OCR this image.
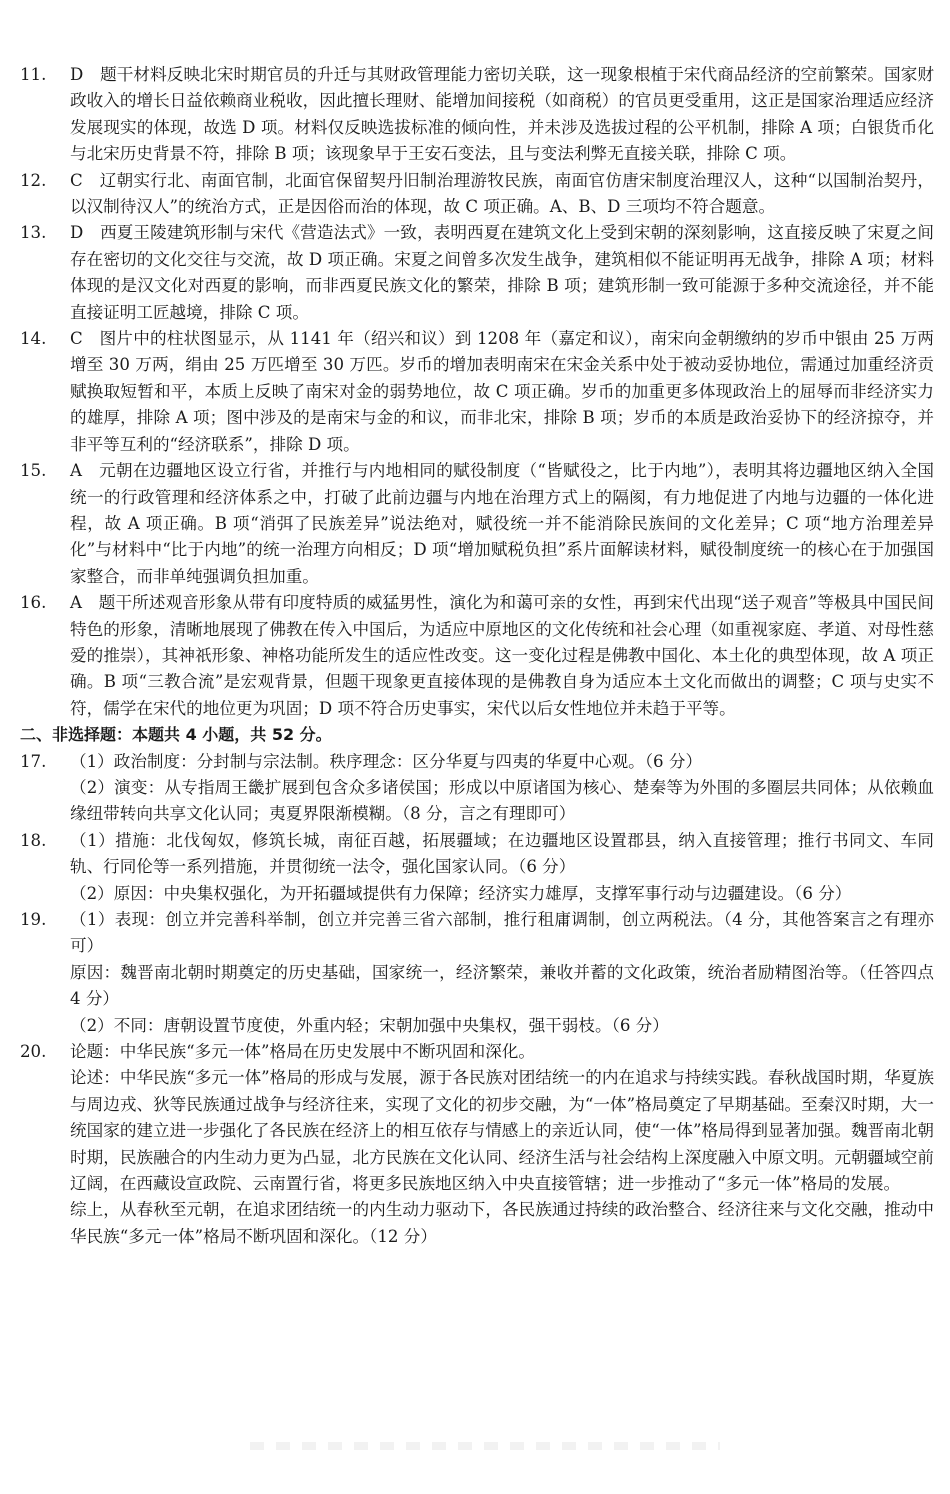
11. D　题干材料反映北宋时期官员的升迁与其财政管理能力密切关联，这一现象根植于宋代商品经济的空前繁荣。国家财政收入的增长日益依赖商业税收，因此擅长理财、能增加间接税（如商税）的官员更受重用，这正是国家治理适应经济发展现实的体现，故选 D 项。材料仅反映选拔标准的倾向性，并未涉及选拔过程的公平机制，排除 A 项；白银货币化与北宋历史背景不符，排除 B 项；该现象早于王安石变法，且与变法利弊无直接关联，排除 C 项。

12. C　辽朝实行北、南面官制，北面官保留契丹旧制治理游牧民族，南面官仿唐宋制度治理汉人，这种“以国制治契丹，以汉制待汉人”的统治方式，正是因俗而治的体现，故 C 项正确。A、B、D 三项均不符合题意。

13. D　西夏王陵建筑形制与宋代《营造法式》一致，表明西夏在建筑文化上受到宋朝的深刻影响，这直接反映了宋夏之间存在密切的文化交往与交流，故 D 项正确。宋夏之间曾多次发生战争，建筑相似不能证明再无战争，排除 A 项；材料体现的是汉文化对西夏的影响，而非西夏民族文化的繁荣，排除 B 项；建筑形制一致可能源于多种交流途径，并不能直接证明工匠越境，排除 C 项。

14. C　图片中的柱状图显示，从 1141 年（绍兴和议）到 1208 年（嘉定和议），南宋向金朝缴纳的岁币中银由 25 万两增至 30 万两，绢由 25 万匹增至 30 万匹。岁币的增加表明南宋在宋金关系中处于被动妥协地位，需通过加重经济贡赋换取短暂和平，本质上反映了南宋对金的弱势地位，故 C 项正确。岁币的加重更多体现政治上的屈辱而非经济实力的雄厚，排除 A 项；图中涉及的是南宋与金的和议，而非北宋，排除 B 项；岁币的本质是政治妥协下的经济掠夺，并非平等互利的“经济联系”，排除 D 项。

15. A　元朝在边疆地区设立行省，并推行与内地相同的赋役制度（“皆赋役之，比于内地”），表明其将边疆地区纳入全国统一的行政管理和经济体系之中，打破了此前边疆与内地在治理方式上的隔阂，有力地促进了内地与边疆的一体化进程，故 A 项正确。B 项“消弭了民族差异”说法绝对，赋役统一并不能消除民族间的文化差异；C 项“地方治理差异化”与材料中“比于内地”的统一治理方向相反；D 项“增加赋税负担”系片面解读材料，赋役制度统一的核心在于加强国家整合，而非单纯强调负担加重。

16. A　题干所述观音形象从带有印度特质的威猛男性，演化为和蔼可亲的女性，再到宋代出现“送子观音”等极具中国民间特色的形象，清晰地展现了佛教在传入中国后，为适应中原地区的文化传统和社会心理（如重视家庭、孝道、对母性慈爱的推崇），其神祇形象、神格功能所发生的适应性改变。这一变化过程是佛教中国化、本土化的典型体现，故 A 项正确。B 项“三教合流”是宏观背景，但题干现象更直接体现的是佛教自身为适应本土文化而做出的调整；C 项与史实不符，儒学在宋代的地位更为巩固；D 项不符合历史事实，宋代以后女性地位并未趋于平等。

二、非选择题：本题共 4 小题，共 52 分。

17. （1）政治制度：分封制与宗法制。秩序理念：区分华夏与四夷的华夏中心观。（6 分）

（2）演变：从专指周王畿扩展到包含众多诸侯国；形成以中原诸国为核心、楚秦等为外围的多圈层共同体；从依赖血缘纽带转向共享文化认同；夷夏界限渐模糊。（8 分，言之有理即可）

18. （1）措施：北伐匈奴，修筑长城，南征百越，拓展疆域；在边疆地区设置郡县，纳入直接管理；推行书同文、车同轨、行同伦等一系列措施，并贯彻统一法令，强化国家认同。（6 分）

（2）原因：中央集权强化，为开拓疆域提供有力保障；经济实力雄厚，支撑军事行动与边疆建设。（6 分）

19. （1）表现：创立并完善科举制，创立并完善三省六部制，推行租庸调制，创立两税法。（4 分，其他答案言之有理亦可）

原因：魏晋南北朝时期奠定的历史基础，国家统一，经济繁荣，兼收并蓄的文化政策，统治者励精图治等。（任答四点 4 分）

（2）不同：唐朝设置节度使，外重内轻；宋朝加强中央集权，强干弱枝。（6 分）

20. 论题：中华民族“多元一体”格局在历史发展中不断巩固和深化。

论述：中华民族“多元一体”格局的形成与发展，源于各民族对团结统一的内在追求与持续实践。春秋战国时期，华夏族与周边戎、狄等民族通过战争与经济往来，实现了文化的初步交融，为“一体”格局奠定了早期基础。至秦汉时期，大一统国家的建立进一步强化了各民族在经济上的相互依存与情感上的亲近认同，使“一体”格局得到显著加强。魏晋南北朝时期，民族融合的内生动力更为凸显，北方民族在文化认同、经济生活与社会结构上深度融入中原文明。元朝疆域空前辽阔，在西藏设宣政院、云南置行省，将更多民族地区纳入中央直接管辖；进一步推动了“多元一体”格局的发展。

综上，从春秋至元朝，在追求团结统一的内生动力驱动下，各民族通过持续的政治整合、经济往来与文化交融，推动中华民族“多元一体”格局不断巩固和深化。（12 分）
